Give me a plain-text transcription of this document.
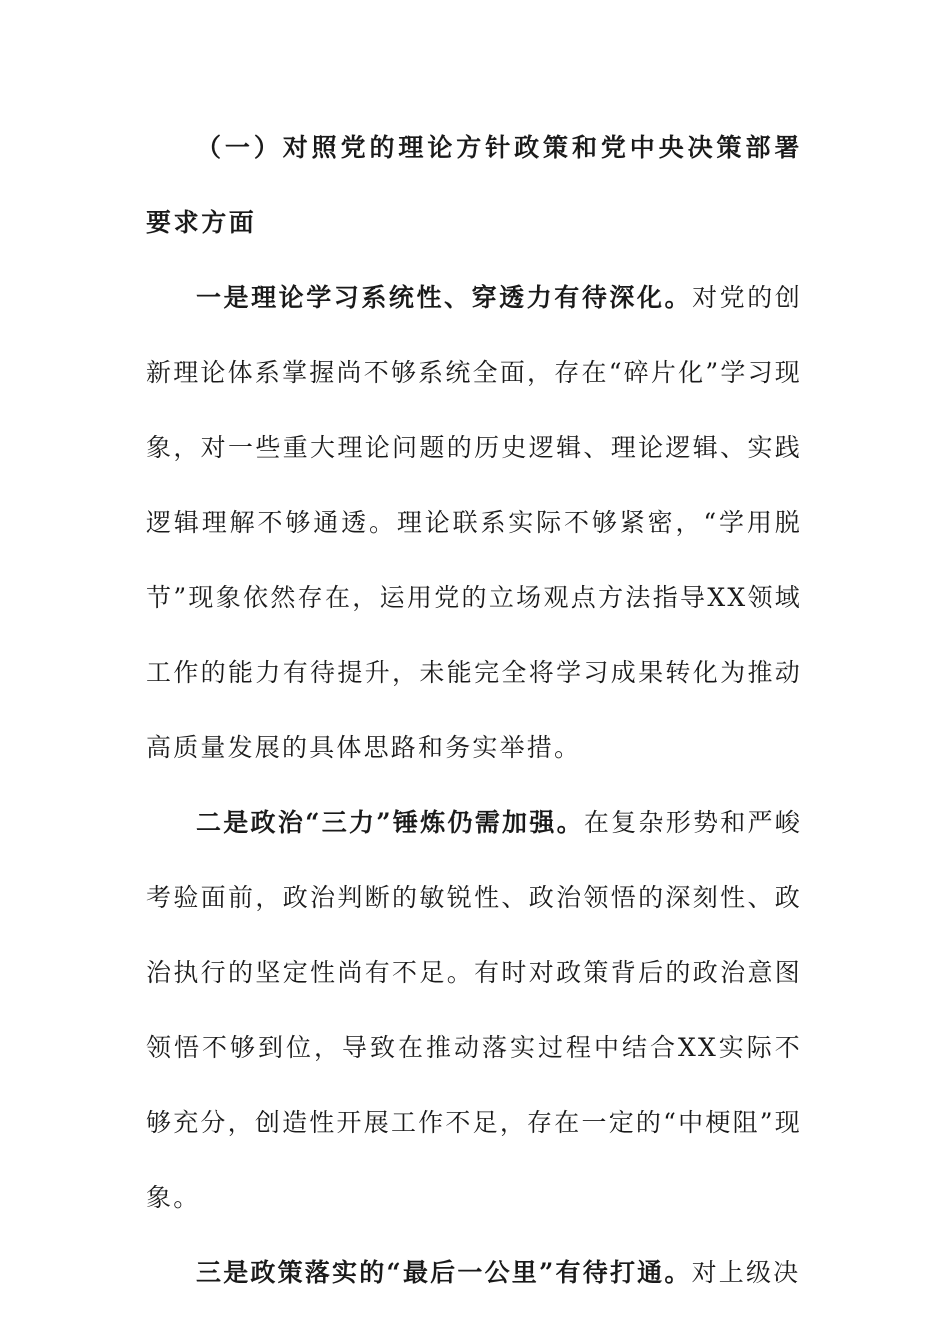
（一）对照党的理论方针政策和党中央决策部署要求方面

一是理论学习系统性、穿透力有待深化。对党的创新理论体系掌握尚不够系统全面，存在“碎片化”学习现象，对一些重大理论问题的历史逻辑、理论逻辑、实践逻辑理解不够通透。理论联系实际不够紧密，“学用脱节”现象依然存在，运用党的立场观点方法指导XX领域工作的能力有待提升，未能完全将学习成果转化为推动高质量发展的具体思路和务实举措。

二是政治“三力”锤炼仍需加强。在复杂形势和严峻考验面前，政治判断的敏锐性、政治领悟的深刻性、政治执行的坚定性尚有不足。有时对政策背后的政治意图领悟不够到位，导致在推动落实过程中结合XX实际不够充分，创造性开展工作不足，存在一定的“中梗阻”现象。

三是政策落实的“最后一公里”有待打通。对上级决
